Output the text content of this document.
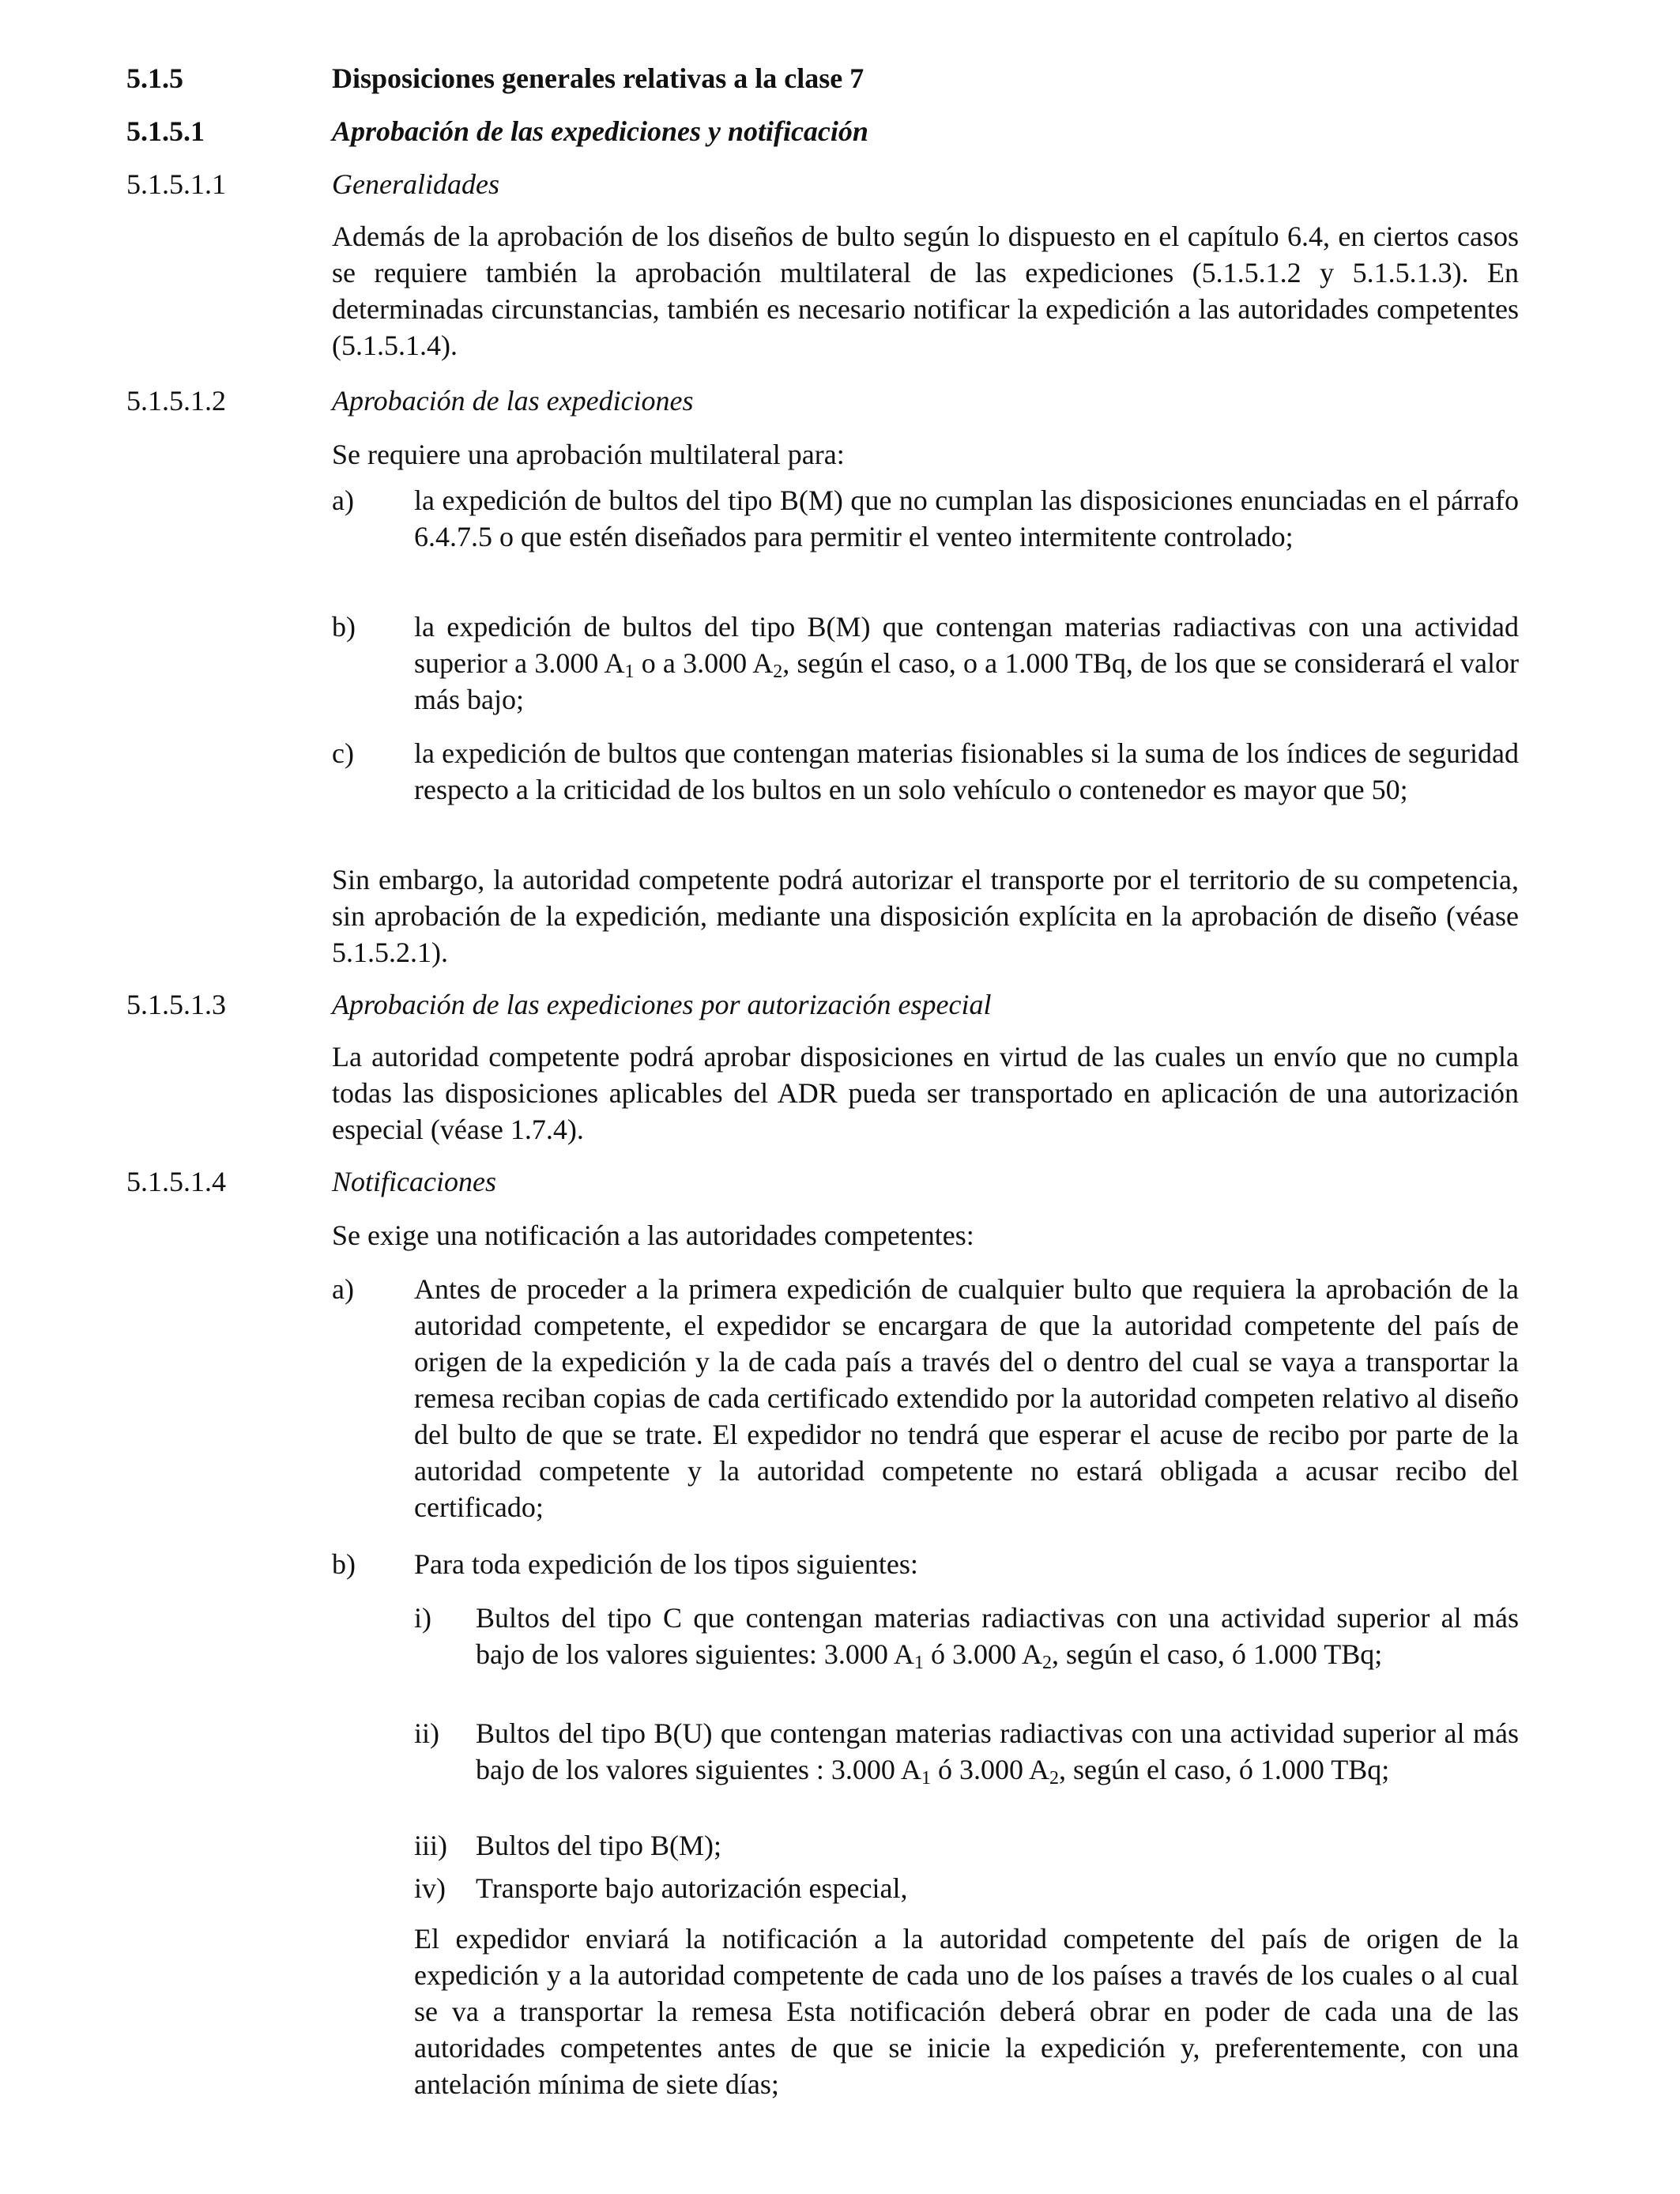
5.1.5	Disposiciones generales relativas a la clase 7
5.1.5.1	Aprobación de las expediciones y notificación
5.1.5.1.1	Generalidades
Además de la aprobación de los diseños de bulto según lo dispuesto en el capítulo 6.4, en ciertos casos se requiere también la aprobación multilateral de las expediciones (5.1.5.1.2 y 5.1.5.1.3). En determinadas circunstancias, también es necesario notificar la expedición a las autoridades competentes (5.1.5.1.4).
5.1.5.1.2	Aprobación de las expediciones
Se requiere una aprobación multilateral para:
a) la expedición de bultos del tipo B(M) que no cumplan las disposiciones enunciadas en el párrafo 6.4.7.5 o que estén diseñados para permitir el venteo intermitente controlado;
b) la expedición de bultos del tipo B(M) que contengan materias radiactivas con una actividad superior a 3.000 $A_1$ o a 3.000 $A_2$, según el caso, o a 1.000 TBq, de los que se considerará el valor más bajo;
c) la expedición de bultos que contengan materias fisionables si la suma de los índices de seguridad respecto a la criticidad de los bultos en un solo vehículo o contenedor es mayor que 50;
Sin embargo, la autoridad competente podrá autorizar el transporte por el territorio de su competencia, sin aprobación de la expedición, mediante una disposición explícita en la aprobación de diseño (véase 5.1.5.2.1).
5.1.5.1.3	Aprobación de las expediciones por autorización especial
La autoridad competente podrá aprobar disposiciones en virtud de las cuales un envío que no cumpla todas las disposiciones aplicables del ADR pueda ser transportado en aplicación de una autorización especial (véase 1.7.4).
5.1.5.1.4	Notificaciones
Se exige una notificación a las autoridades competentes:
a) Antes de proceder a la primera expedición de cualquier bulto que requiera la aprobación de la autoridad competente, el expedidor se encargara de que la autoridad competente del país de origen de la expedición y la de cada país a través del o dentro del cual se vaya a transportar la remesa reciban copias de cada certificado extendido por la autoridad competen relativo al diseño del bulto de que se trate. El expedidor no tendrá que esperar el acuse de recibo por parte de la autoridad competente y la autoridad competente no estará obligada a acusar recibo del certificado;
b) Para toda expedición de los tipos siguientes:
i) Bultos del tipo C que contengan materias radiactivas con una actividad superior al más bajo de los valores siguientes: 3.000 $A_1$ ó 3.000 $A_2$, según el caso, ó 1.000 TBq;
ii) Bultos del tipo B(U) que contengan materias radiactivas con una actividad superior al más bajo de los valores siguientes : 3.000 $A_1$ ó 3.000 $A_2$, según el caso, ó 1.000 TBq;
iii) Bultos del tipo B(M);
iv) Transporte bajo autorización especial,
El expedidor enviará la notificación a la autoridad competente del país de origen de la expedición y a la autoridad competente de cada uno de los países a través de los cuales o al cual se va a transportar la remesa Esta notificación deberá obrar en poder de cada una de las autoridades competentes antes de que se inicie la expedición y, preferentemente, con una antelación mínima de siete días;
